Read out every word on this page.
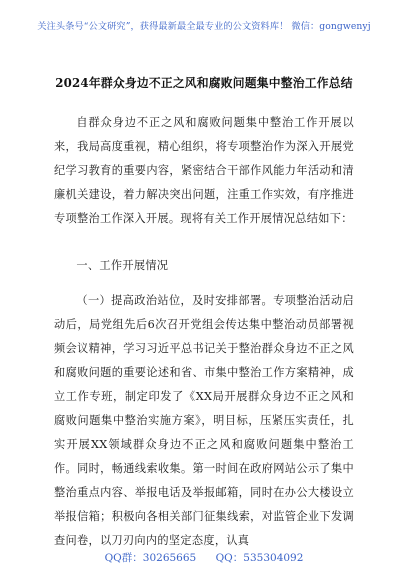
关注头条号“公文研究”，获得最新最全最专业的公文资料库！ 微信：gongwenyj
2024年群众身边不正之风和腐败问题集中整治工作总结

自群众身边不正之风和腐败问题集中整治工作开展以来，我局高度重视，精心组织，将专项整治作为深入开展党纪学习教育的重要内容，紧密结合干部作风能力年活动和清廉机关建设，着力解决突出问题，注重工作实效，有序推进专项整治工作深入开展。现将有关工作开展情况总结如下：

一、工作开展情况

（一）提高政治站位，及时安排部署。专项整治活动启动后，局党组先后6次召开党组会传达集中整治动员部署视频会议精神，学习习近平总书记关于整治群众身边不正之风和腐败问题的重要论述和省、市集中整治工作方案精神，成立工作专班，制定印发了《XX局开展群众身边不正之风和腐败问题集中整治实施方案》，明目标，压紧压实责任，扎实开展XX领域群众身边不正之风和腐败问题集中整治工作。同时，畅通线索收集。第一时间在政府网站公示了集中整治重点内容、举报电话及举报邮箱，同时在办公大楼设立举报信箱；积极向各相关部门征集线索，对监管企业下发调查问卷，以刀刃向内的坚定态度，认真

QQ群：30265665 QQ：535304092
